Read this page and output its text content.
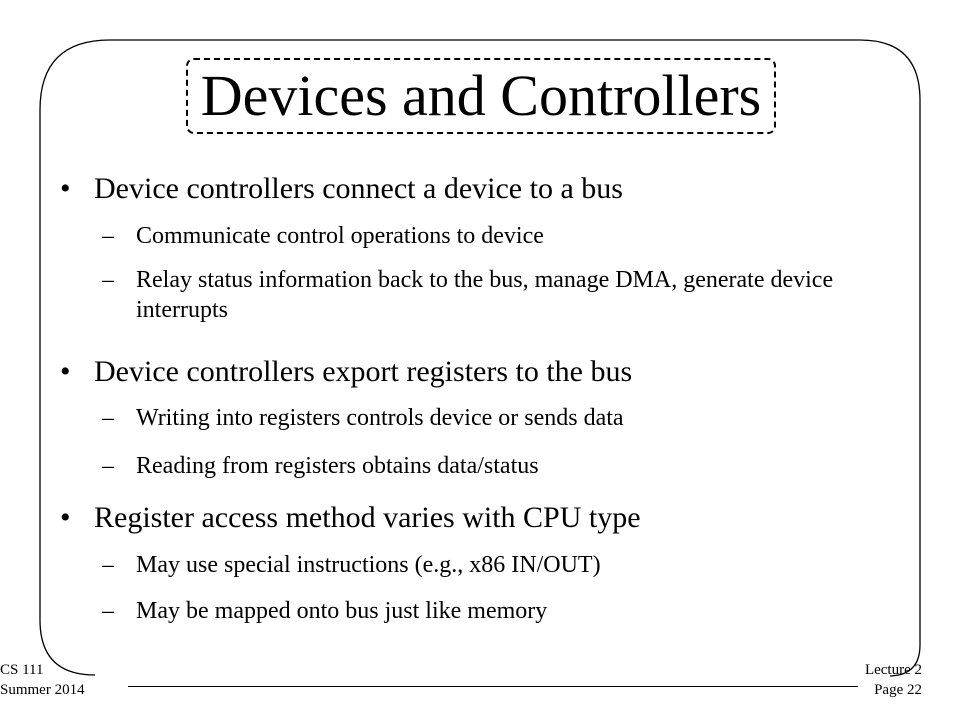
Devices and Controllers
• Device controllers connect a device to a bus
– Communicate control operations to device
– Relay status information back to the bus, manage DMA, generate device interrupts
• Device controllers export registers to the bus
– Writing into registers controls device or sends data
– Reading from registers obtains data/status
• Register access method varies with CPU type
– May use special instructions (e.g., x86 IN/OUT)
– May be mapped onto bus just like memory
CS 111
Summer 2014
Lecture 2
Page 22
